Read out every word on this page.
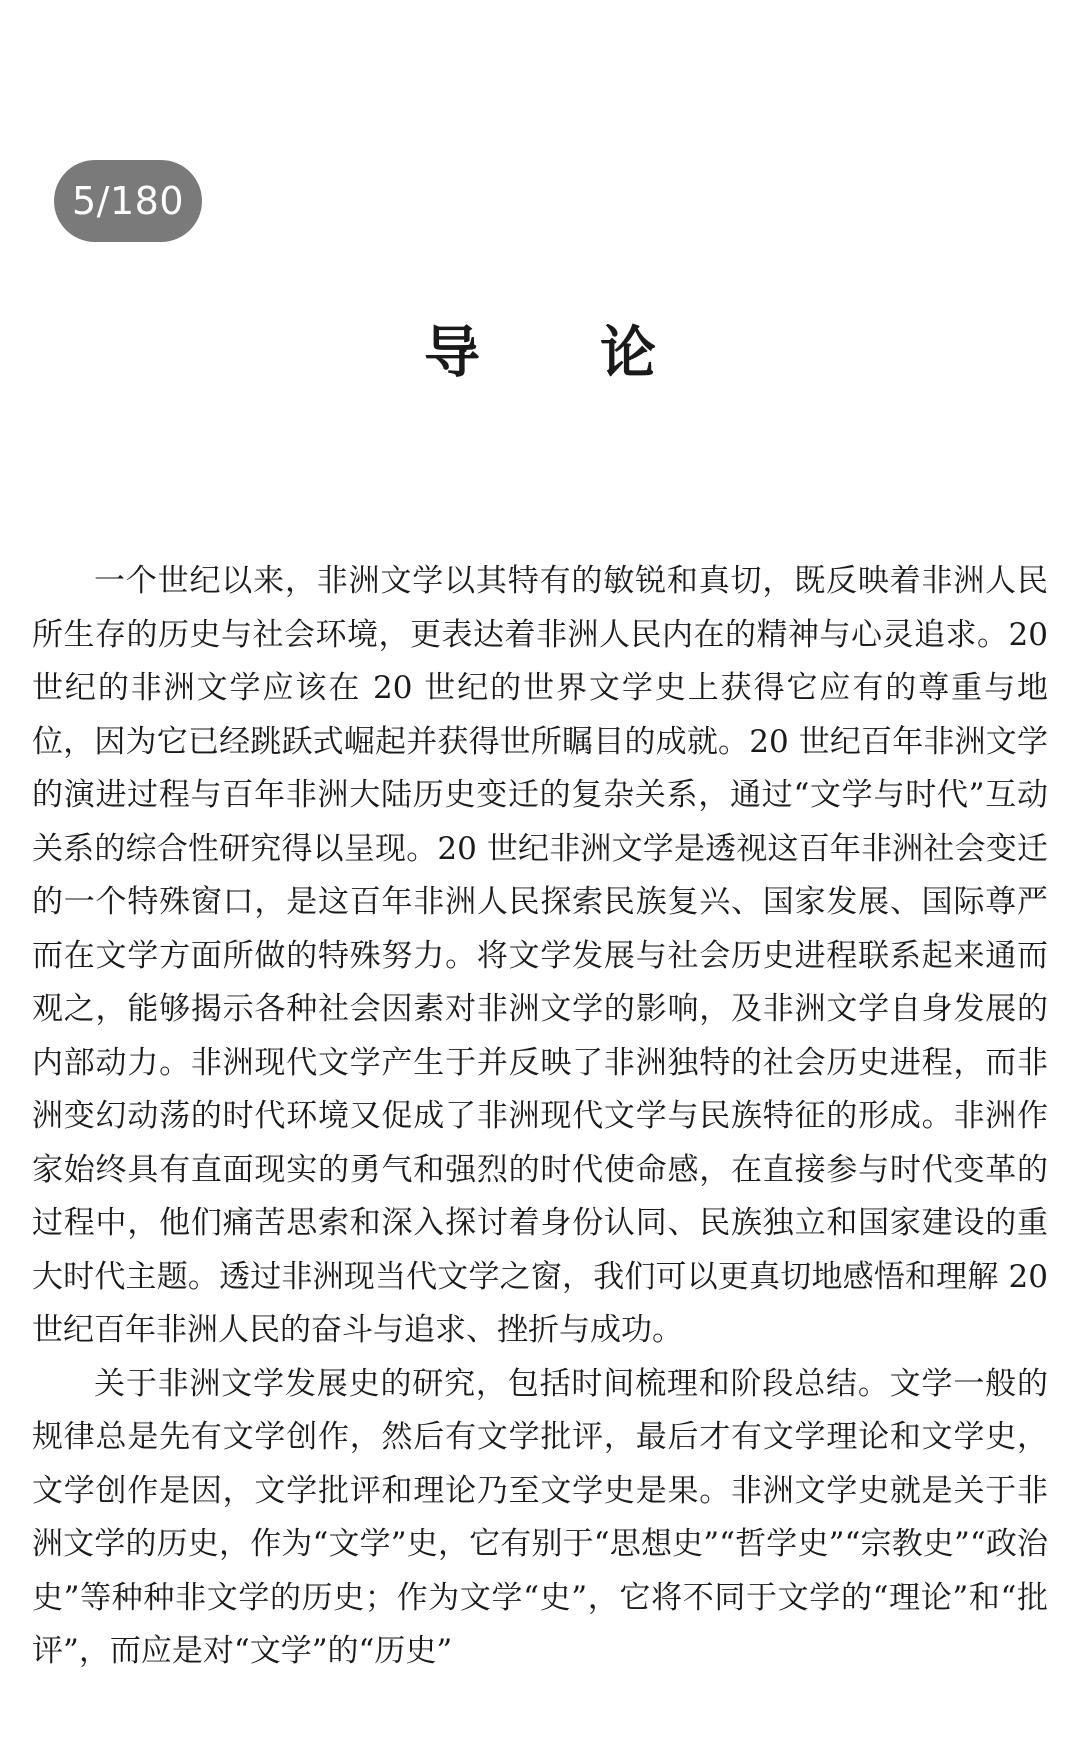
5/180
导 论

一个世纪以来，非洲文学以其特有的敏锐和真切，既反映着非洲人民所生存的历史与社会环境，更表达着非洲人民内在的精神与心灵追求。20 世纪的非洲文学应该在 20 世纪的世界文学史上获得它应有的尊重与地位，因为它已经跳跃式崛起并获得世所瞩目的成就。20 世纪百年非洲文学的演进过程与百年非洲大陆历史变迁的复杂关系，通过“文学与时代”互动关系的综合性研究得以呈现。20 世纪非洲文学是透视这百年非洲社会变迁的一个特殊窗口，是这百年非洲人民探索民族复兴、国家发展、国际尊严而在文学方面所做的特殊努力。将文学发展与社会历史进程联系起来通而观之，能够揭示各种社会因素对非洲文学的影响，及非洲文学自身发展的内部动力。非洲现代文学产生于并反映了非洲独特的社会历史进程，而非洲变幻动荡的时代环境又促成了非洲现代文学与民族特征的形成。非洲作家始终具有直面现实的勇气和强烈的时代使命感，在直接参与时代变革的过程中，他们痛苦思索和深入探讨着身份认同、民族独立和国家建设的重大时代主题。透过非洲现当代文学之窗，我们可以更真切地感悟和理解 20 世纪百年非洲人民的奋斗与追求、挫折与成功。

关于非洲文学发展史的研究，包括时间梳理和阶段总结。文学一般的规律总是先有文学创作，然后有文学批评，最后才有文学理论和文学史，文学创作是因，文学批评和理论乃至文学史是果。非洲文学史就是关于非洲文学的历史，作为“文学”史，它有别于“思想史”“哲学史”“宗教史”“政治史”等种种非文学的历史；作为文学“史”，它将不同于文学的“理论”和“批评”，而应是对“文学”的“历史”
